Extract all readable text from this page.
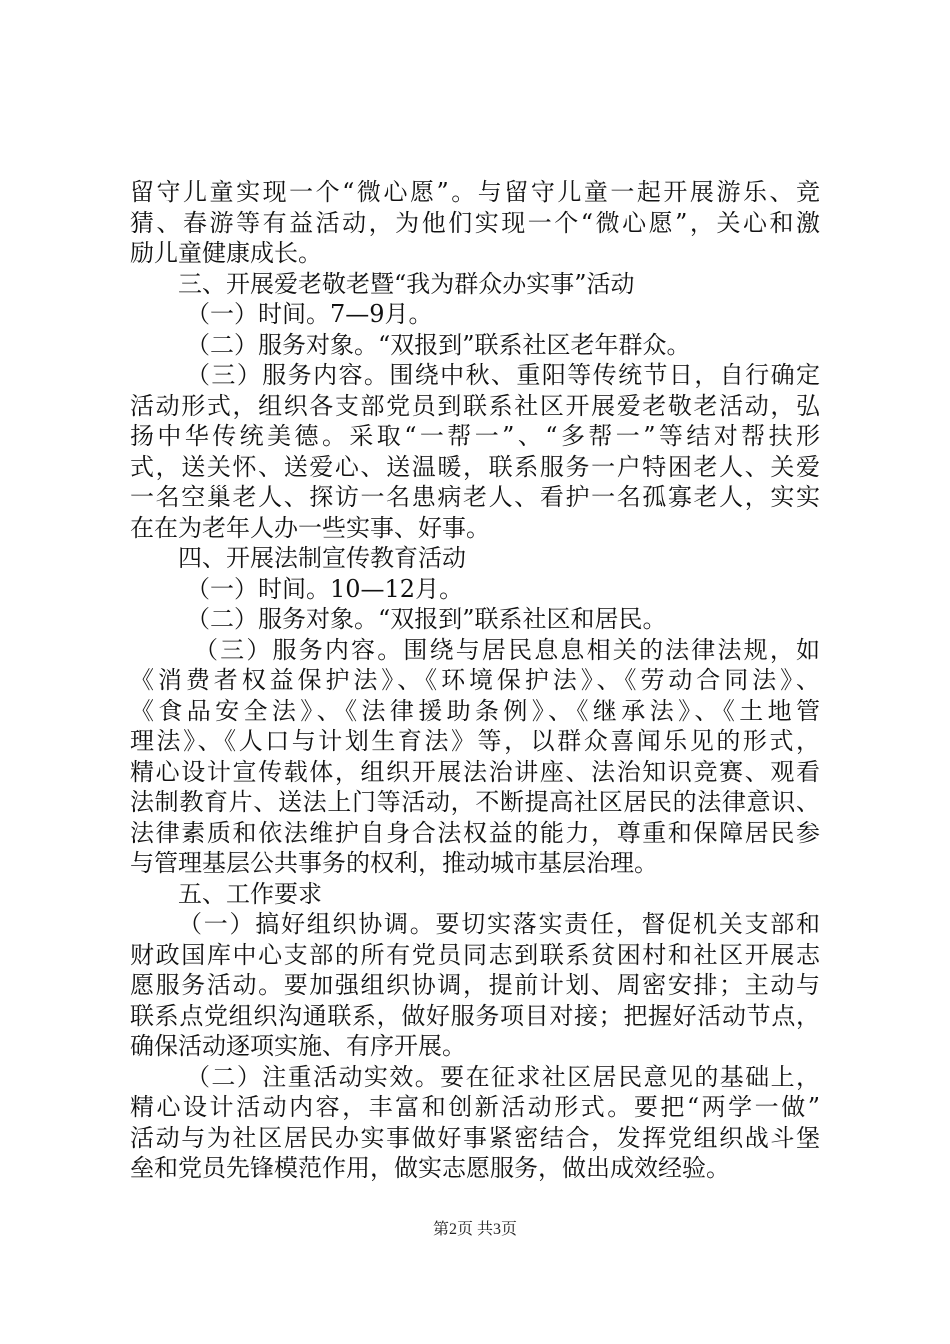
留守儿童实现一个“微心愿”。与留守儿童一起开展游乐、竞
猜、春游等有益活动，为他们实现一个“微心愿”，关心和激
励儿童健康成长。
三、开展爱老敬老暨“我为群众办实事”活动
（一）时间。7—9月。
（二）服务对象。“双报到”联系社区老年群众。
（三）服务内容。围绕中秋、重阳等传统节日，自行确定
活动形式，组织各支部党员到联系社区开展爱老敬老活动，弘
扬中华传统美德。采取“一帮一”、“多帮一”等结对帮扶形
式，送关怀、送爱心、送温暖，联系服务一户特困老人、关爱
一名空巢老人、探访一名患病老人、看护一名孤寡老人，实实
在在为老年人办一些实事、好事。
四、开展法制宣传教育活动
（一）时间。10—12月。
（二）服务对象。“双报到”联系社区和居民。
（三）服务内容。围绕与居民息息相关的法律法规，如
《消费者权益保护法》、《环境保护法》、《劳动合同法》、
《食品安全法》、《法律援助条例》、《继承法》、《土地管
理法》、《人口与计划生育法》等，以群众喜闻乐见的形式，
精心设计宣传载体，组织开展法治讲座、法治知识竞赛、观看
法制教育片、送法上门等活动，不断提高社区居民的法律意识、
法律素质和依法维护自身合法权益的能力，尊重和保障居民参
与管理基层公共事务的权利，推动城市基层治理。
五、工作要求
（一）搞好组织协调。要切实落实责任，督促机关支部和
财政国库中心支部的所有党员同志到联系贫困村和社区开展志
愿服务活动。要加强组织协调，提前计划、周密安排；主动与
联系点党组织沟通联系，做好服务项目对接；把握好活动节点，
确保活动逐项实施、有序开展。
（二）注重活动实效。要在征求社区居民意见的基础上，
精心设计活动内容，丰富和创新活动形式。要把“两学一做”
活动与为社区居民办实事做好事紧密结合，发挥党组织战斗堡
垒和党员先锋模范作用，做实志愿服务，做出成效经验。
第2页 共3页
